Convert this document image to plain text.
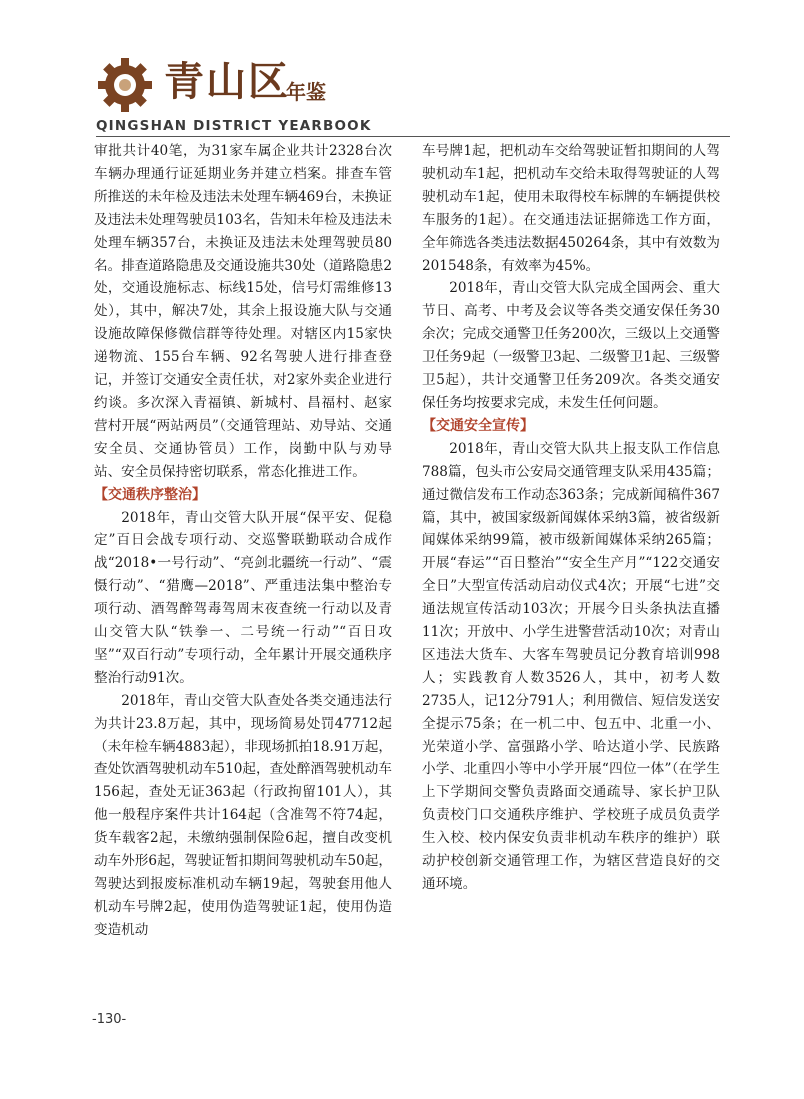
青山区
年鉴
QINGSHAN DISTRICT YEARBOOK

审批共计40笔，为31家车属企业共计2328台次车辆办理通行证延期业务并建立档案。排查车管所推送的未年检及违法未处理车辆469台，未换证及违法未处理驾驶员103名，告知未年检及违法未处理车辆357台，未换证及违法未处理驾驶员80名。排查道路隐患及交通设施共30处（道路隐患2处，交通设施标志、标线15处，信号灯需维修13处），其中，解决7处，其余上报设施大队与交通设施故障保修微信群等待处理。对辖区内15家快递物流、155台车辆、92名驾驶人进行排查登记，并签订交通安全责任状，对2家外卖企业进行约谈。多次深入青福镇、新城村、昌福村、赵家营村开展“两站两员”（交通管理站、劝导站、交通安全员、交通协管员）工作，岗勤中队与劝导站、安全员保持密切联系，常态化推进工作。

【交通秩序整治】

2018年，青山交管大队开展“保平安、促稳定”百日会战专项行动、交巡警联勤联动合成作战“2018•一号行动”、“亮剑北疆统一行动”、“震慑行动”、“猎鹰—2018”、严重违法集中整治专项行动、酒驾醉驾毒驾周末夜查统一行动以及青山交管大队“铁拳一、二号统一行动”“百日攻坚”“双百行动”专项行动，全年累计开展交通秩序整治行动91次。

2018年，青山交管大队查处各类交通违法行为共计23.8万起，其中，现场简易处罚47712起（未年检车辆4883起），非现场抓拍18.91万起，查处饮酒驾驶机动车510起，查处醉酒驾驶机动车156起，查处无证363起（行政拘留101人），其他一般程序案件共计164起（含准驾不符74起，货车载客2起，未缴纳强制保险6起，擅自改变机动车外形6起，驾驶证暂扣期间驾驶机动车50起，驾驶达到报废标准机动车辆19起，驾驶套用他人机动车号牌2起，使用伪造驾驶证1起，使用伪造变造机动

车号牌1起，把机动车交给驾驶证暂扣期间的人驾驶机动车1起，把机动车交给未取得驾驶证的人驾驶机动车1起，使用未取得校车标牌的车辆提供校车服务的1起）。在交通违法证据筛选工作方面，全年筛选各类违法数据450264条，其中有效数为201548条，有效率为45%。

2018年，青山交管大队完成全国两会、重大节日、高考、中考及会议等各类交通安保任务30余次；完成交通警卫任务200次，三级以上交通警卫任务9起（一级警卫3起、二级警卫1起、三级警卫5起），共计交通警卫任务209次。各类交通安保任务均按要求完成，未发生任何问题。

【交通安全宣传】

2018年，青山交管大队共上报支队工作信息788篇，包头市公安局交通管理支队采用435篇；通过微信发布工作动态363条；完成新闻稿件367篇，其中，被国家级新闻媒体采纳3篇，被省级新闻媒体采纳99篇，被市级新闻媒体采纳265篇；开展“春运”“百日整治”“安全生产月”“122交通安全日”大型宣传活动启动仪式4次；开展“七进”交通法规宣传活动103次；开展今日头条执法直播11次；开放中、小学生进警营活动10次；对青山区违法大货车、大客车驾驶员记分教育培训998人；实践教育人数3526人，其中，初考人数2735人，记12分791人；利用微信、短信发送安全提示75条；在一机二中、包五中、北重一小、光荣道小学、富强路小学、哈达道小学、民族路小学、北重四小等中小学开展“四位一体”（在学生上下学期间交警负责路面交通疏导、家长护卫队负责校门口交通秩序维护、学校班子成员负责学生入校、校内保安负责非机动车秩序的维护）联动护校创新交通管理工作，为辖区营造良好的交通环境。

-130-
